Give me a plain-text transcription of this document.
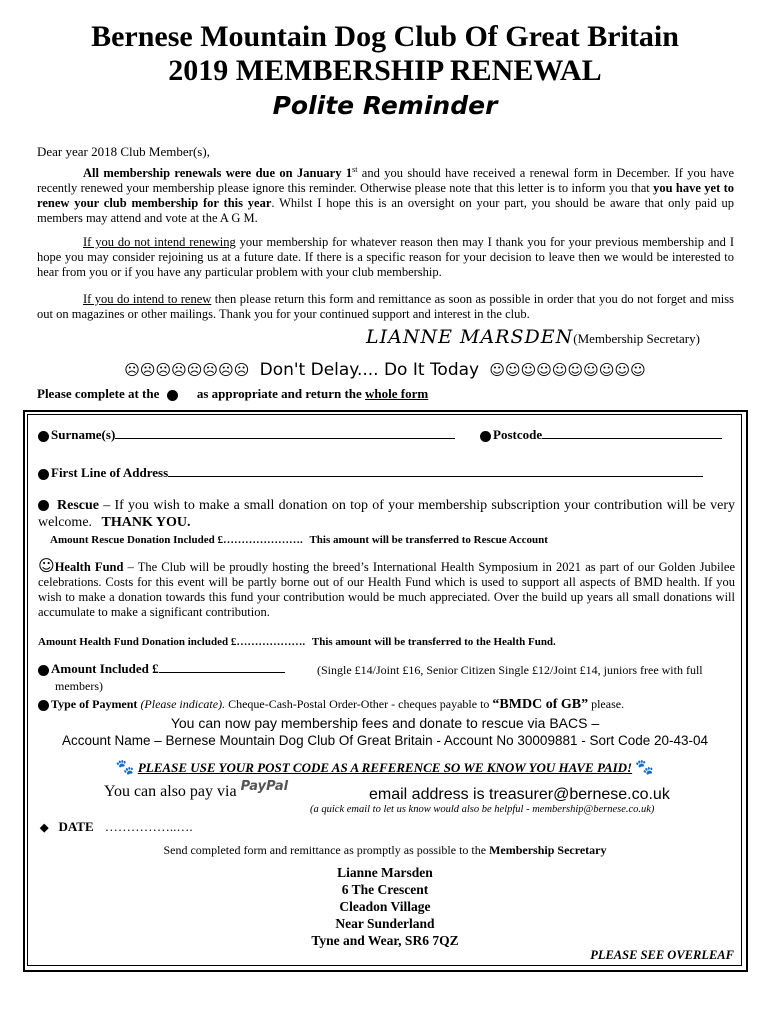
Bernese Mountain Dog Club Of Great Britain
2019 MEMBERSHIP RENEWAL
Polite Reminder
Dear year 2018 Club Member(s),
All membership renewals were due on January 1st and you should have received a renewal form in December. If you have recently renewed your membership please ignore this reminder. Otherwise please note that this letter is to inform you that you have yet to renew your club membership for this year. Whilst I hope this is an oversight on your part, you should be aware that only paid up members may attend and vote at the A G M.
If you do not intend renewing your membership for whatever reason then may I thank you for your previous membership and I hope you may consider rejoining us at a future date. If there is a specific reason for your decision to leave then we would be interested to hear from you or if you have any particular problem with your club membership.
If you do intend to renew then please return this form and remittance as soon as possible in order that you do not forget and miss out on magazines or other mailings. Thank you for your continued support and interest in the club.
LIANNE MARSDEN(Membership Secretary)
☹☹☹☹☹☹☹☹ Don't Delay.... Do It Today ☺☺☺☺☺☺☺☺☺☺
Please complete at the	as appropriate and return the whole form
Surname(s)	Postcode
First Line of Address
Rescue – If you wish to make a small donation on top of your membership subscription your contribution will be very welcome. THANK YOU.
Amount Rescue Donation Included £…………………. This amount will be transferred to Rescue Account
☺Health Fund – The Club will be proudly hosting the breed’s International Health Symposium in 2021 as part of our Golden Jubilee celebrations. Costs for this event will be partly borne out of our Health Fund which is used to support all aspects of BMD health. If you wish to make a donation towards this fund your contribution would be much appreciated. Over the build up years all small donations will accumulate to make a significant contribution.
Amount Health Fund Donation included £………………. This amount will be transferred to the Health Fund.
Amount Included £	(Single £14/Joint £16, Senior Citizen Single £12/Joint £14, juniors free with full members)
Type of Payment (Please indicate). Cheque-Cash-Postal Order-Other - cheques payable to “BMDC of GB” please.
You can now pay membership fees and donate to rescue via BACS –
Account Name – Bernese Mountain Dog Club Of Great Britain - Account No 30009881 - Sort Code 20-43-04
🐾 PLEASE USE YOUR POST CODE AS A REFERENCE SO WE KNOW YOU HAVE PAID! 🐾
You can also pay via $^{PayPal}$	email address is treasurer@bernese.co.uk
(a quick email to let us know would also be helpful - membership@bernese.co.uk)
◆ DATE ……………..….
Send completed form and remittance as promptly as possible to the Membership Secretary
Lianne Marsden
6 The Crescent
Cleadon Village
Near Sunderland
Tyne and Wear, SR6 7QZ
PLEASE SEE OVERLEAF
